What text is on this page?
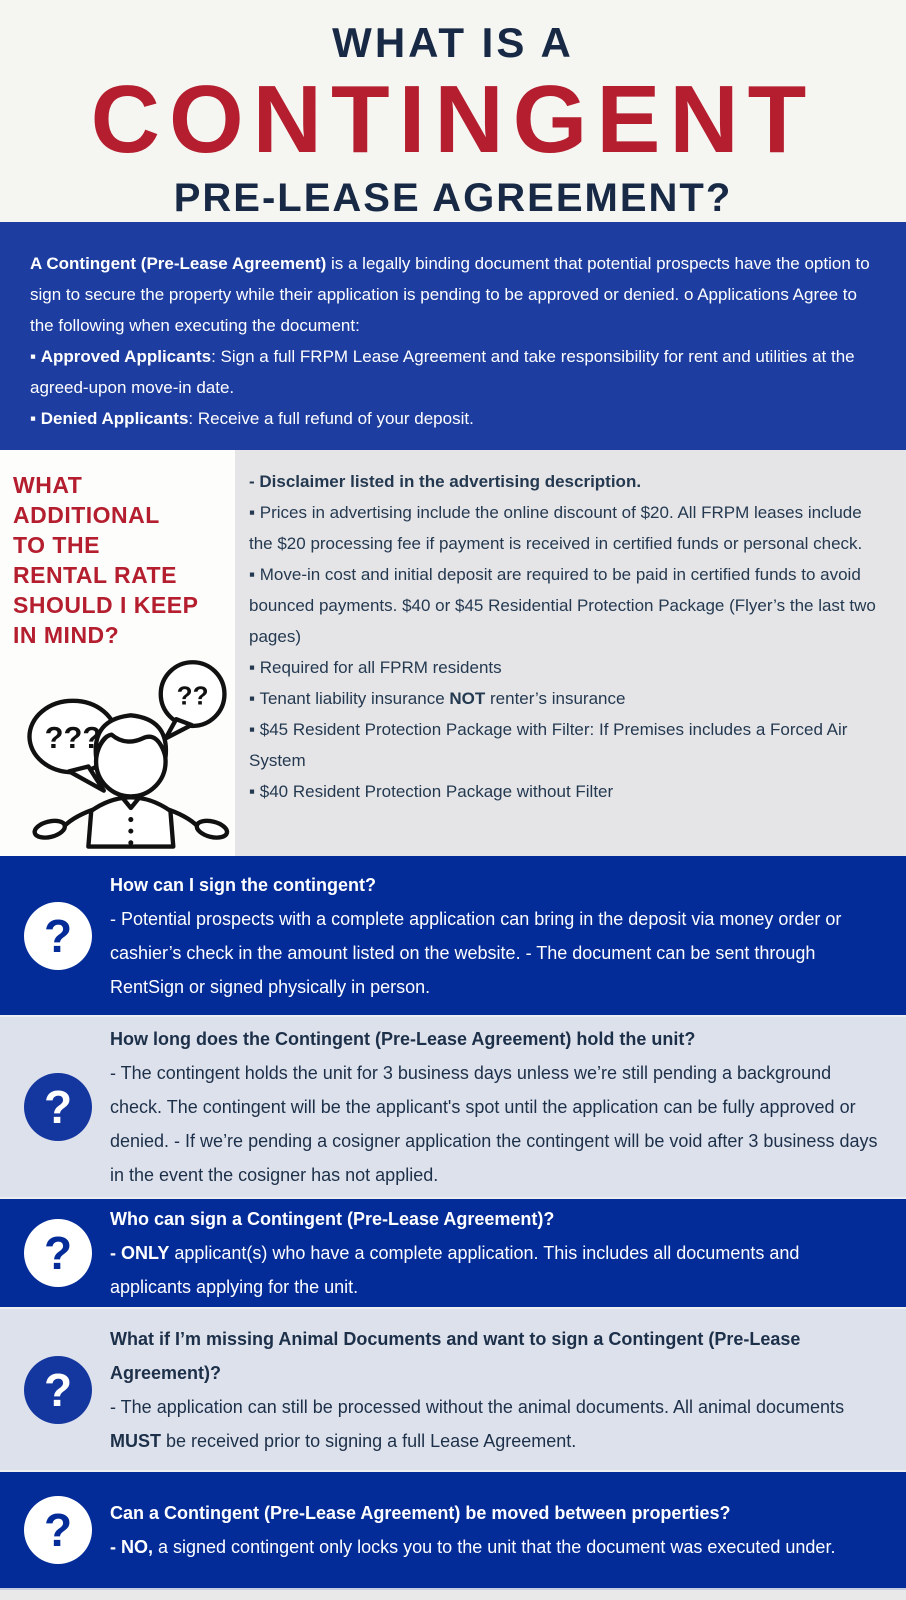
WHAT IS A
CONTINGENT
PRE-LEASE AGREEMENT?

A Contingent (Pre-Lease Agreement) is a legally binding document that potential prospects have the option to sign to secure the property while their application is pending to be approved or denied. o Applications Agree to the following when executing the document:

▪ Approved Applicants: Sign a full FRPM Lease Agreement and take responsibility for rent and utilities at the agreed-upon move-in date.

▪ Denied Applicants: Receive a full refund of your deposit.

WHAT
ADDITIONAL
TO THE
RENTAL RATE
SHOULD I KEEP
IN MIND?
???
??

- Disclaimer listed in the advertising description.

▪ Prices in advertising include the online discount of $20. All FRPM leases include the $20 processing fee if payment is received in certified funds or personal check.

▪ Move-in cost and initial deposit are required to be paid in certified funds to avoid bounced payments. $40 or $45 Residential Protection Package (Flyer’s the last two pages)

▪ Required for all FPRM residents

▪ Tenant liability insurance NOT renter’s insurance

▪ $45 Resident Protection Package with Filter: If Premises includes a Forced Air System

▪ $40 Resident Protection Package without Filter

?

How can I sign the contingent?

- Potential prospects with a complete application can bring in the deposit via money order or cashier’s check in the amount listed on the website. - The document can be sent through RentSign or signed physically in person.

?

How long does the Contingent (Pre-Lease Agreement) hold the unit?

- The contingent holds the unit for 3 business days unless we’re still pending a background check. The contingent will be the applicant's spot until the application can be fully approved or denied. - If we’re pending a cosigner application the contingent will be void after 3 business days in the event the cosigner has not applied.

?

Who can sign a Contingent (Pre-Lease Agreement)?

- ONLY applicant(s) who have a complete application. This includes all documents and applicants applying for the unit.

?

What if I’m missing Animal Documents and want to sign a Contingent (Pre-Lease Agreement)?

- The application can still be processed without the animal documents. All animal documents MUST be received prior to signing a full Lease Agreement.

? Can a Contingent (Pre-Lease Agreement) be moved between properties?

- NO, a signed contingent only locks you to the unit that the document was executed under.
